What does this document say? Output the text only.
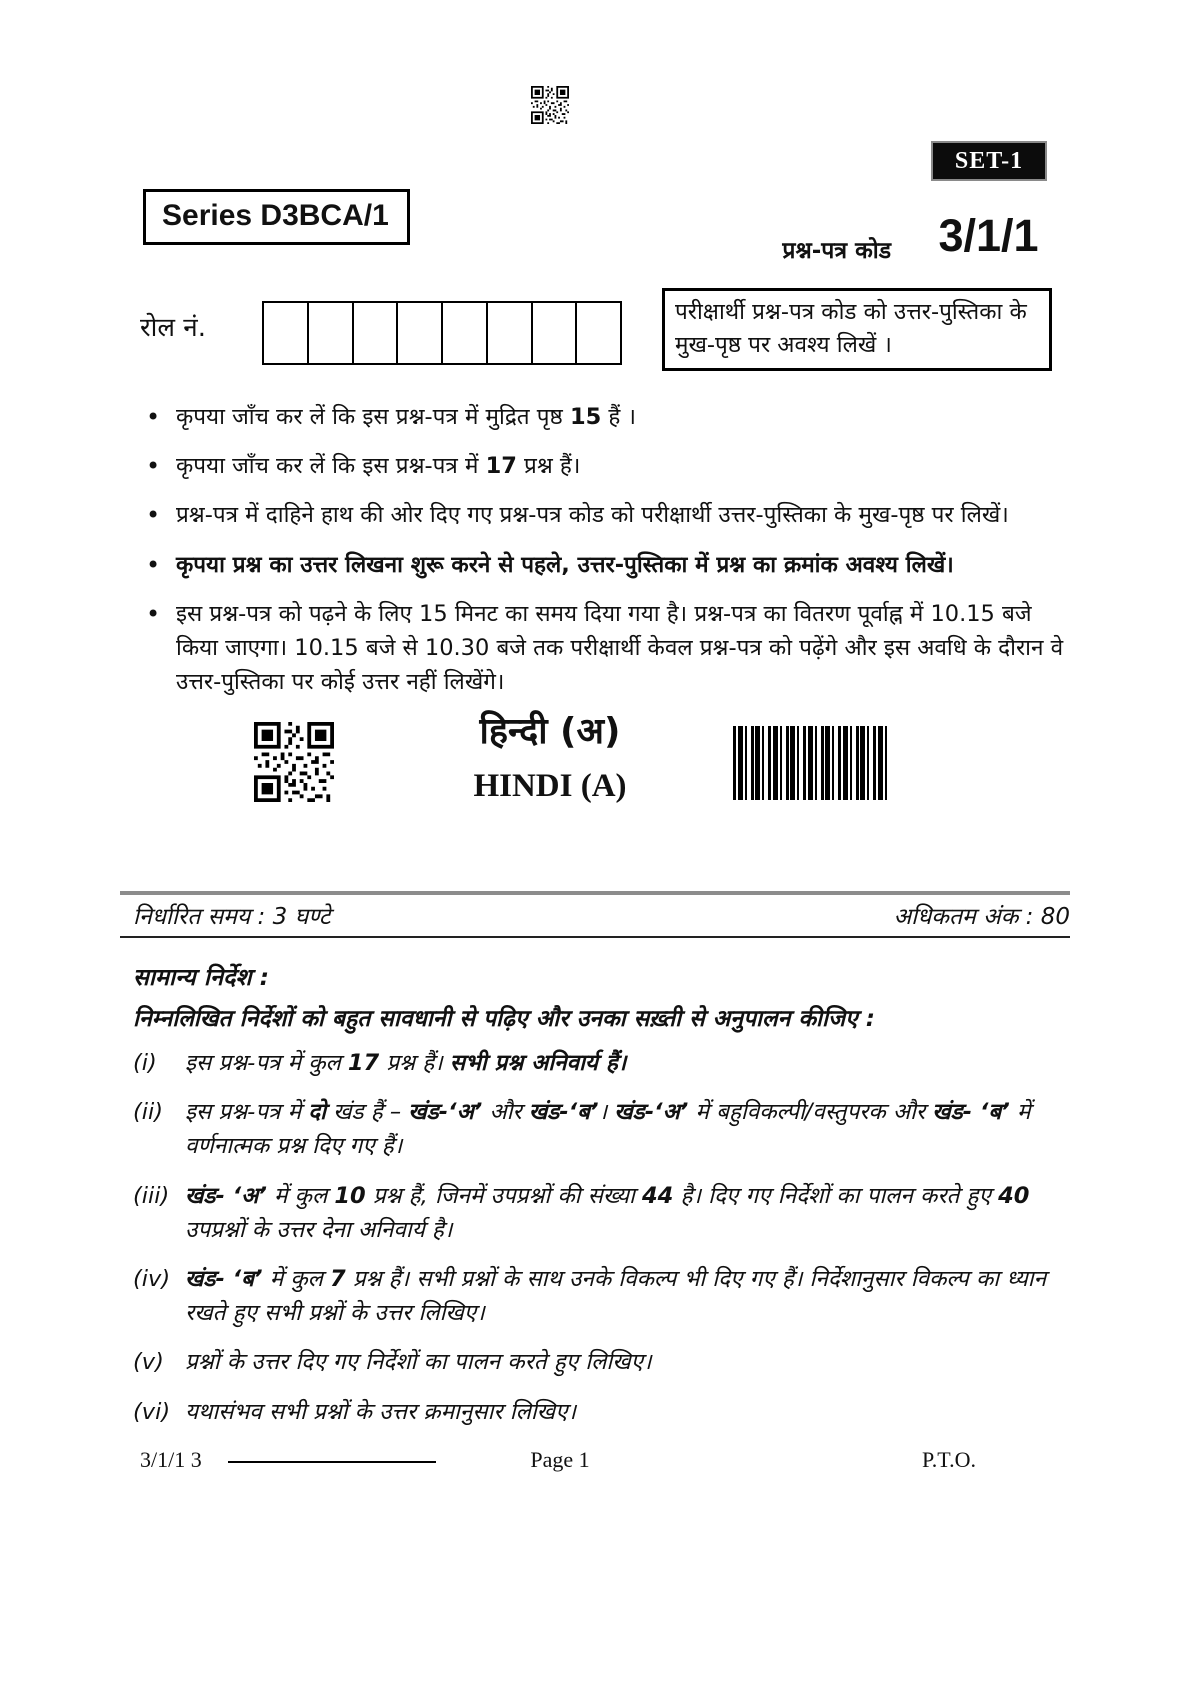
SET-1
Series D3BCA/1
प्रश्न-पत्र कोड 3/1/1
रोल नं.
परीक्षार्थी प्रश्न-पत्र कोड को उत्तर-पुस्तिका के मुख-पृष्ठ पर अवश्य लिखें ।
• कृपया जाँच कर लें कि इस प्रश्न-पत्र में मुद्रित पृष्ठ 15 हैं ।
• कृपया जाँच कर लें कि इस प्रश्न-पत्र में 17 प्रश्न हैं।
• प्रश्न-पत्र में दाहिने हाथ की ओर दिए गए प्रश्न-पत्र कोड को परीक्षार्थी उत्तर-पुस्तिका के मुख-पृष्ठ पर लिखें।
• कृपया प्रश्न का उत्तर लिखना शुरू करने से पहले, उत्तर-पुस्तिका में प्रश्न का क्रमांक अवश्य लिखें।
• इस प्रश्न-पत्र को पढ़ने के लिए 15 मिनट का समय दिया गया है। प्रश्न-पत्र का वितरण पूर्वाह्न में 10.15 बजे किया जाएगा। 10.15 बजे से 10.30 बजे तक परीक्षार्थी केवल प्रश्न-पत्र को पढ़ेंगे और इस अवधि के दौरान वे उत्तर-पुस्तिका पर कोई उत्तर नहीं लिखेंगे।
हिन्दी (अ)
HINDI (A)
निर्धारित समय : 3 घण्टे	अधिकतम अंक : 80
सामान्य निर्देश :
निम्नलिखित निर्देशों को बहुत सावधानी से पढ़िए और उनका सख़्ती से अनुपालन कीजिए :
(i)	इस प्रश्न-पत्र में कुल 17 प्रश्न हैं। सभी प्रश्न अनिवार्य हैं।
(ii) इस प्रश्न-पत्र में दो खंड हैं – खंड-‘अ’ और खंड-‘ब’। खंड-‘अ’ में बहुविकल्पी/वस्तुपरक और खंड- ‘ब’ में वर्णनात्मक प्रश्न दिए गए हैं।
(iii) खंड- ‘अ’ में कुल 10 प्रश्न हैं, जिनमें उपप्रश्नों की संख्या 44 है। दिए गए निर्देशों का पालन करते हुए 40 उपप्रश्नों के उत्तर देना अनिवार्य है।
(iv) खंड- ‘ब’ में कुल 7 प्रश्न हैं। सभी प्रश्नों के साथ उनके विकल्प भी दिए गए हैं। निर्देशानुसार विकल्प का ध्यान रखते हुए सभी प्रश्नों के उत्तर लिखिए।
(v) प्रश्नों के उत्तर दिए गए निर्देशों का पालन करते हुए लिखिए।
(vi) यथासंभव सभी प्रश्नों के उत्तर क्रमानुसार लिखिए।
3/1/1 3	Page 1	P.T.O.
